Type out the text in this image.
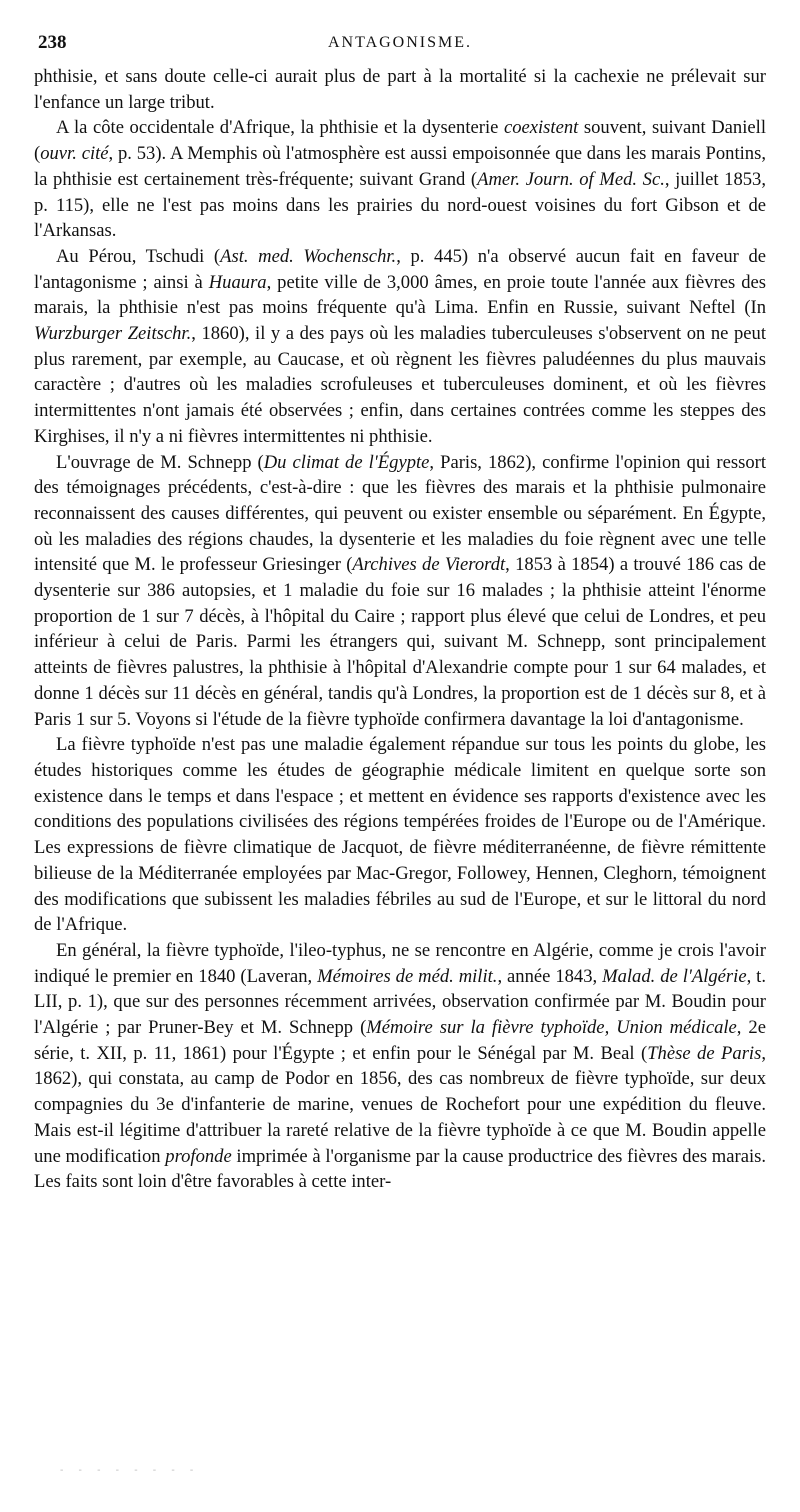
238	ANTAGONISME.

phthisie, et sans doute celle-ci aurait plus de part à la mortalité si la cachexie ne prélevait sur l'enfance un large tribut.

A la côte occidentale d'Afrique, la phthisie et la dysenterie coexistent souvent, suivant Daniell (ouvr. cité, p. 53). A Memphis où l'atmosphère est aussi empoisonnée que dans les marais Pontins, la phthisie est certainement très-fréquente; suivant Grand (Amer. Journ. of Med. Sc., juillet 1853, p. 115), elle ne l'est pas moins dans les prairies du nord-ouest voisines du fort Gibson et de l'Arkansas.

Au Pérou, Tschudi (Ast. med. Wochenschr., p. 445) n'a observé aucun fait en faveur de l'antagonisme ; ainsi à Huaura, petite ville de 3,000 âmes, en proie toute l'année aux fièvres des marais, la phthisie n'est pas moins fréquente qu'à Lima. Enfin en Russie, suivant Neftel (In Wurzburger Zeitschr., 1860), il y a des pays où les maladies tuberculeuses s'observent on ne peut plus rarement, par exemple, au Caucase, et où règnent les fièvres paludéennes du plus mauvais caractère ; d'autres où les maladies scrofuleuses et tuberculeuses dominent, et où les fièvres intermittentes n'ont jamais été observées ; enfin, dans certaines contrées comme les steppes des Kirghises, il n'y a ni fièvres intermittentes ni phthisie.

L'ouvrage de M. Schnepp (Du climat de l'Égypte, Paris, 1862), confirme l'opinion qui ressort des témoignages précédents, c'est-à-dire : que les fièvres des marais et la phthisie pulmonaire reconnaissent des causes différentes, qui peuvent ou exister ensemble ou séparément. En Égypte, où les maladies des régions chaudes, la dysenterie et les maladies du foie règnent avec une telle intensité que M. le professeur Griesinger (Archives de Vierordt, 1853 à 1854) a trouvé 186 cas de dysenterie sur 386 autopsies, et 1 maladie du foie sur 16 malades ; la phthisie atteint l'énorme proportion de 1 sur 7 décès, à l'hôpital du Caire ; rapport plus élevé que celui de Londres, et peu inférieur à celui de Paris. Parmi les étrangers qui, suivant M. Schnepp, sont principalement atteints de fièvres palustres, la phthisie à l'hôpital d'Alexandrie compte pour 1 sur 64 malades, et donne 1 décès sur 11 décès en général, tandis qu'à Londres, la proportion est de 1 décès sur 8, et à Paris 1 sur 5. Voyons si l'étude de la fièvre typhoïde confirmera davantage la loi d'antagonisme.

La fièvre typhoïde n'est pas une maladie également répandue sur tous les points du globe, les études historiques comme les études de géographie médicale limitent en quelque sorte son existence dans le temps et dans l'espace ; et mettent en évidence ses rapports d'existence avec les conditions des populations civilisées des régions tempérées froides de l'Europe ou de l'Amérique. Les expressions de fièvre climatique de Jacquot, de fièvre méditerranéenne, de fièvre rémittente bilieuse de la Méditerranée employées par Mac-Gregor, Followey, Hennen, Cleghorn, témoignent des modifications que subissent les maladies fébriles au sud de l'Europe, et sur le littoral du nord de l'Afrique.

En général, la fièvre typhoïde, l'ileo-typhus, ne se rencontre en Algérie, comme je crois l'avoir indiqué le premier en 1840 (Laveran, Mémoires de méd. milit., année 1843, Malad. de l'Algérie, t. LII, p. 1), que sur des personnes récemment arrivées, observation confirmée par M. Boudin pour l'Algérie ; par Pruner-Bey et M. Schnepp (Mémoire sur la fièvre typhoïde, Union médicale, 2e série, t. XII, p. 11, 1861) pour l'Égypte ; et enfin pour le Sénégal par M. Beal (Thèse de Paris, 1862), qui constata, au camp de Podor en 1856, des cas nombreux de fièvre typhoïde, sur deux compagnies du 3e d'infanterie de marine, venues de Rochefort pour une expédition du fleuve. Mais est-il légitime d'attribuer la rareté relative de la fièvre typhoïde à ce que M. Boudin appelle une modification profonde imprimée à l'organisme par la cause productrice des fièvres des marais. Les faits sont loin d'être favorables à cette inter-

‐ ‐ ‐ ‐ ‐ ‐ ‐ ‐
